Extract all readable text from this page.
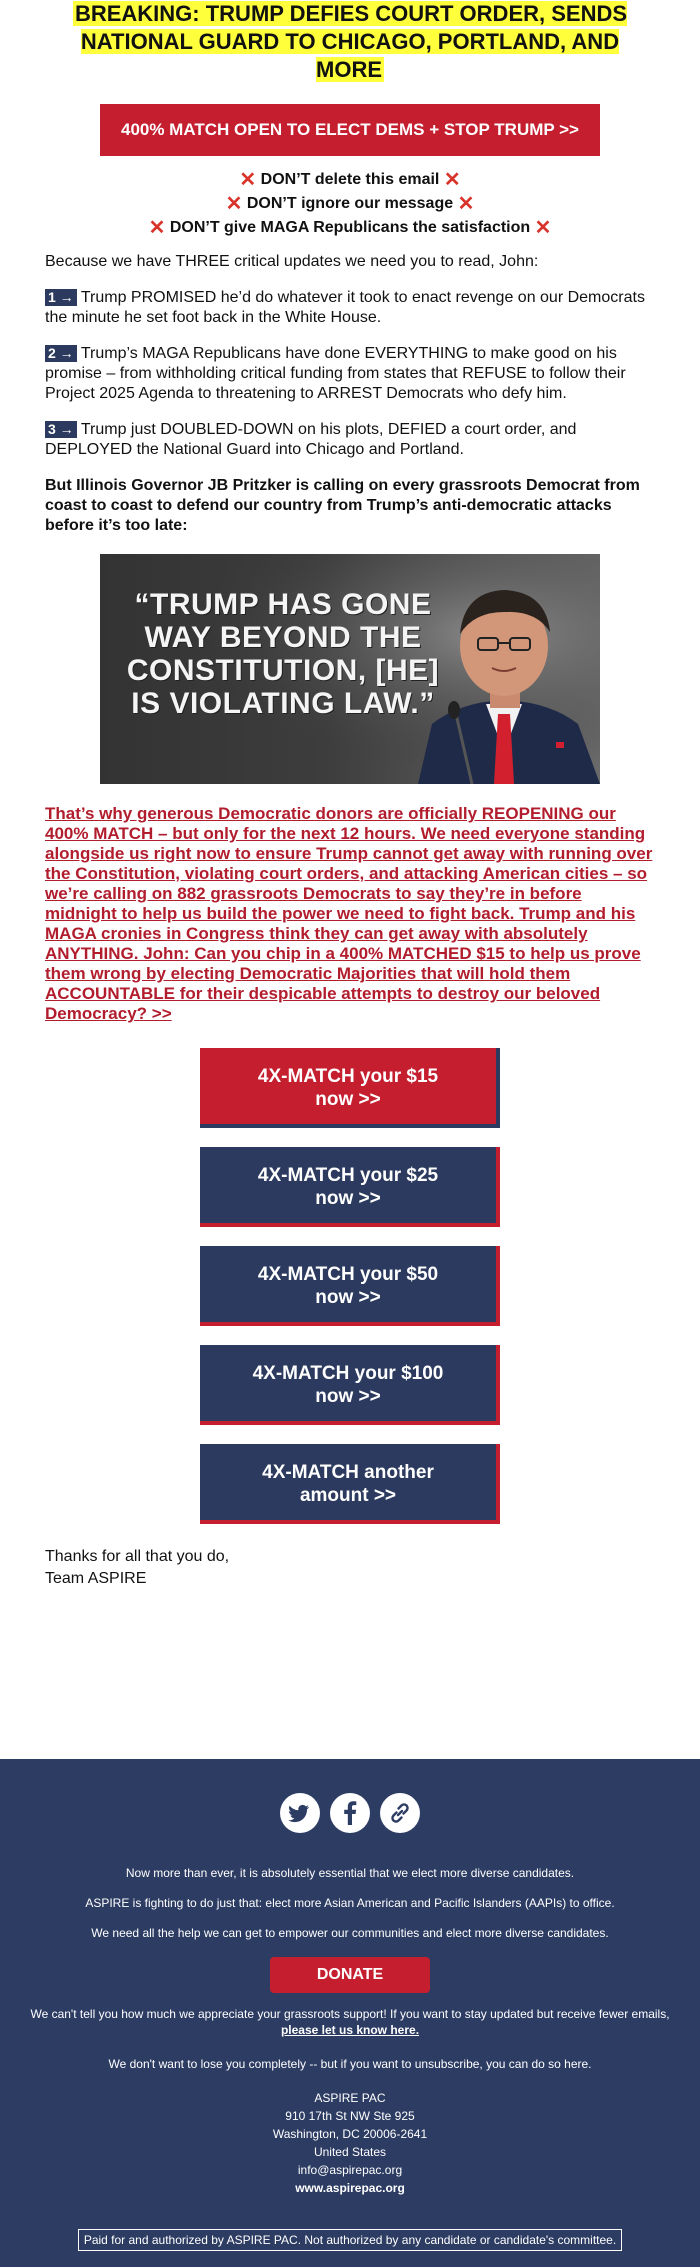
BREAKING: TRUMP DEFIES COURT ORDER, SENDS NATIONAL GUARD TO CHICAGO, PORTLAND, AND MORE
400% MATCH OPEN TO ELECT DEMS + STOP TRUMP >>
✕ DON’T delete this email ✕
✕ DON’T ignore our message ✕
✕ DON’T give MAGA Republicans the satisfaction ✕

Because we have THREE critical updates we need you to read, John:

1 → Trump PROMISED he’d do whatever it took to enact revenge on our Democrats the minute he set foot back in the White House.

2 → Trump’s MAGA Republicans have done EVERYTHING to make good on his promise – from withholding critical funding from states that REFUSE to follow their Project 2025 Agenda to threatening to ARREST Democrats who defy him.

3 → Trump just DOUBLED-DOWN on his plots, DEFIED a court order, and DEPLOYED the National Guard into Chicago and Portland.

But Illinois Governor JB Pritzker is calling on every grassroots Democrat from coast to coast to defend our country from Trump’s anti-democratic attacks before it’s too late:

“TRUMP HAS GONE WAY BEYOND THE CONSTITUTION, [HE] IS VIOLATING LAW.”
That’s why generous Democratic donors are officially REOPENING our 400% MATCH – but only for the next 12 hours. We need everyone standing alongside us right now to ensure Trump cannot get away with running over the Constitution, violating court orders, and attacking American cities – so we’re calling on 882 grassroots Democrats to say they’re in before midnight to help us build the power we need to fight back. Trump and his MAGA cronies in Congress think they can get away with absolutely ANYTHING. John: Can you chip in a 400% MATCHED $15 to help us prove them wrong by electing Democratic Majorities that will hold them ACCOUNTABLE for their despicable attempts to destroy our beloved Democracy? >>
4X-MATCH your $15
now >>
4X-MATCH your $25
now >>
4X-MATCH your $50
now >>
4X-MATCH your $100
now >>
4X-MATCH another
amount >>
Thanks for all that you do,
Team ASPIRE
Now more than ever, it is absolutely essential that we elect more diverse candidates.
ASPIRE is fighting to do just that: elect more Asian American and Pacific Islanders (AAPIs) to office.
We need all the help we can get to empower our communities and elect more diverse candidates.
DONATE
We can't tell you how much we appreciate your grassroots support! If you want to stay updated but receive fewer emails,
please let us know here.
We don't want to lose you completely -- but if you want to unsubscribe, you can do so here.
ASPIRE PAC
910 17th St NW Ste 925
Washington, DC 20006-2641
United States
info@aspirepac.org
www.aspirepac.org
Paid for and authorized by ASPIRE PAC. Not authorized by any candidate or candidate's committee.
